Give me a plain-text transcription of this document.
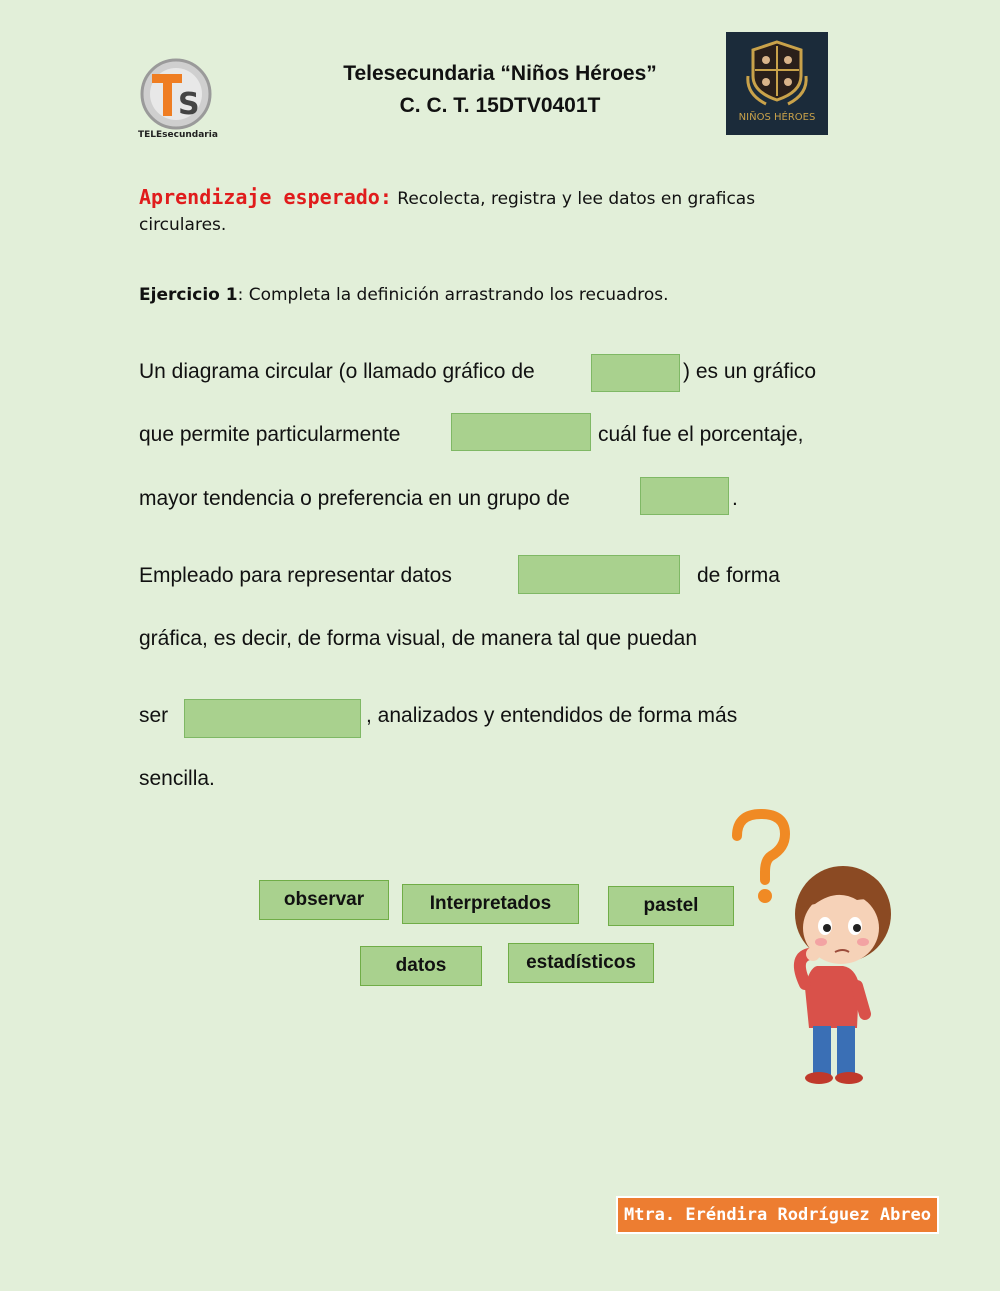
S
TELEsecundaria
Telesecundaria “Niños Héroes”
C. C. T. 15DTV0401T
NIÑOS HÉROES
Aprendizaje esperado: Recolecta, registra y lee datos en graficas circulares.
Ejercicio 1: Completa la definición arrastrando los recuadros.
Un diagrama circular (o llamado gráfico de	) es un gráfico
que permite particularmente	cuál fue el porcentaje,
mayor tendencia o preferencia en un grupo de	.
Empleado para representar datos	de forma
gráfica, es decir, de forma visual, de manera tal que puedan
ser	, analizados y entendidos de forma más
sencilla.
observar	Interpretados	pastel
datos	estadísticos
Mtra. Eréndira Rodríguez Abreo
